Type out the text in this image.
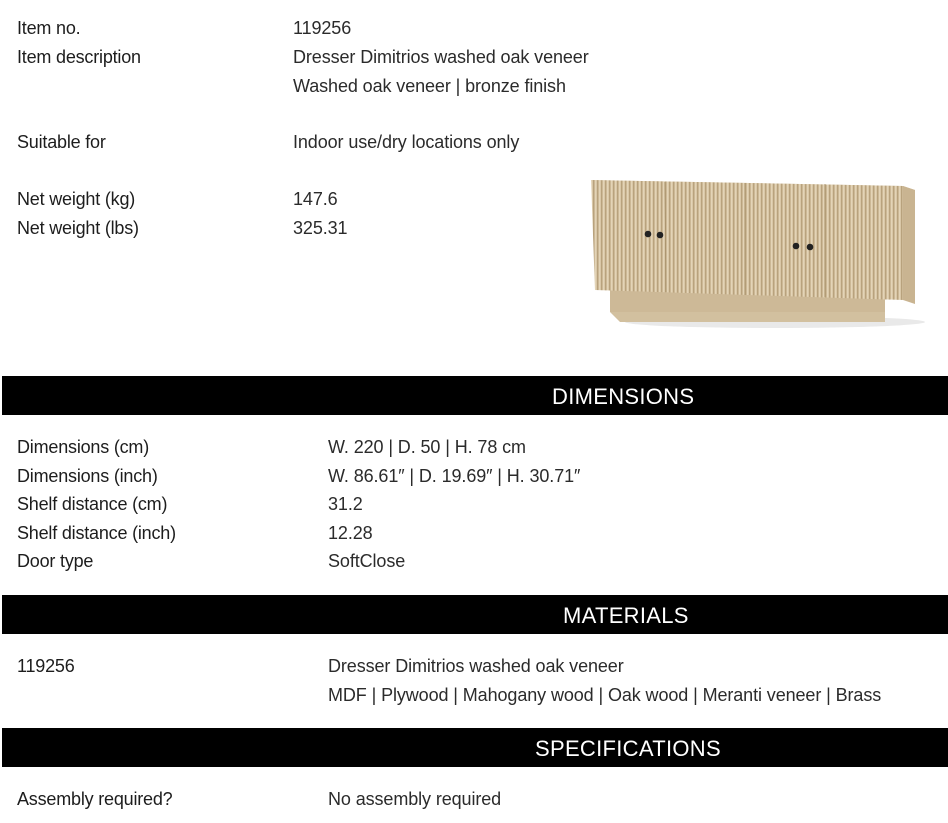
Item no.	119256
Item description	Dresser Dimitrios washed oak veneer
Washed oak veneer | bronze finish
Suitable for	Indoor use/dry locations only
Net weight (kg)	147.6
Net weight (lbs)	325.31
DIMENSIONS
Dimensions (cm)	W. 220 | D. 50 | H. 78 cm
Dimensions (inch)	W. 86.61″ | D. 19.69″ | H. 30.71″
Shelf distance (cm)	31.2
Shelf distance (inch)	12.28
Door type	SoftClose
MATERIALS
119256	Dresser Dimitrios washed oak veneer
MDF | Plywood | Mahogany wood | Oak wood | Meranti veneer | Brass
SPECIFICATIONS
Assembly required?	No assembly required
